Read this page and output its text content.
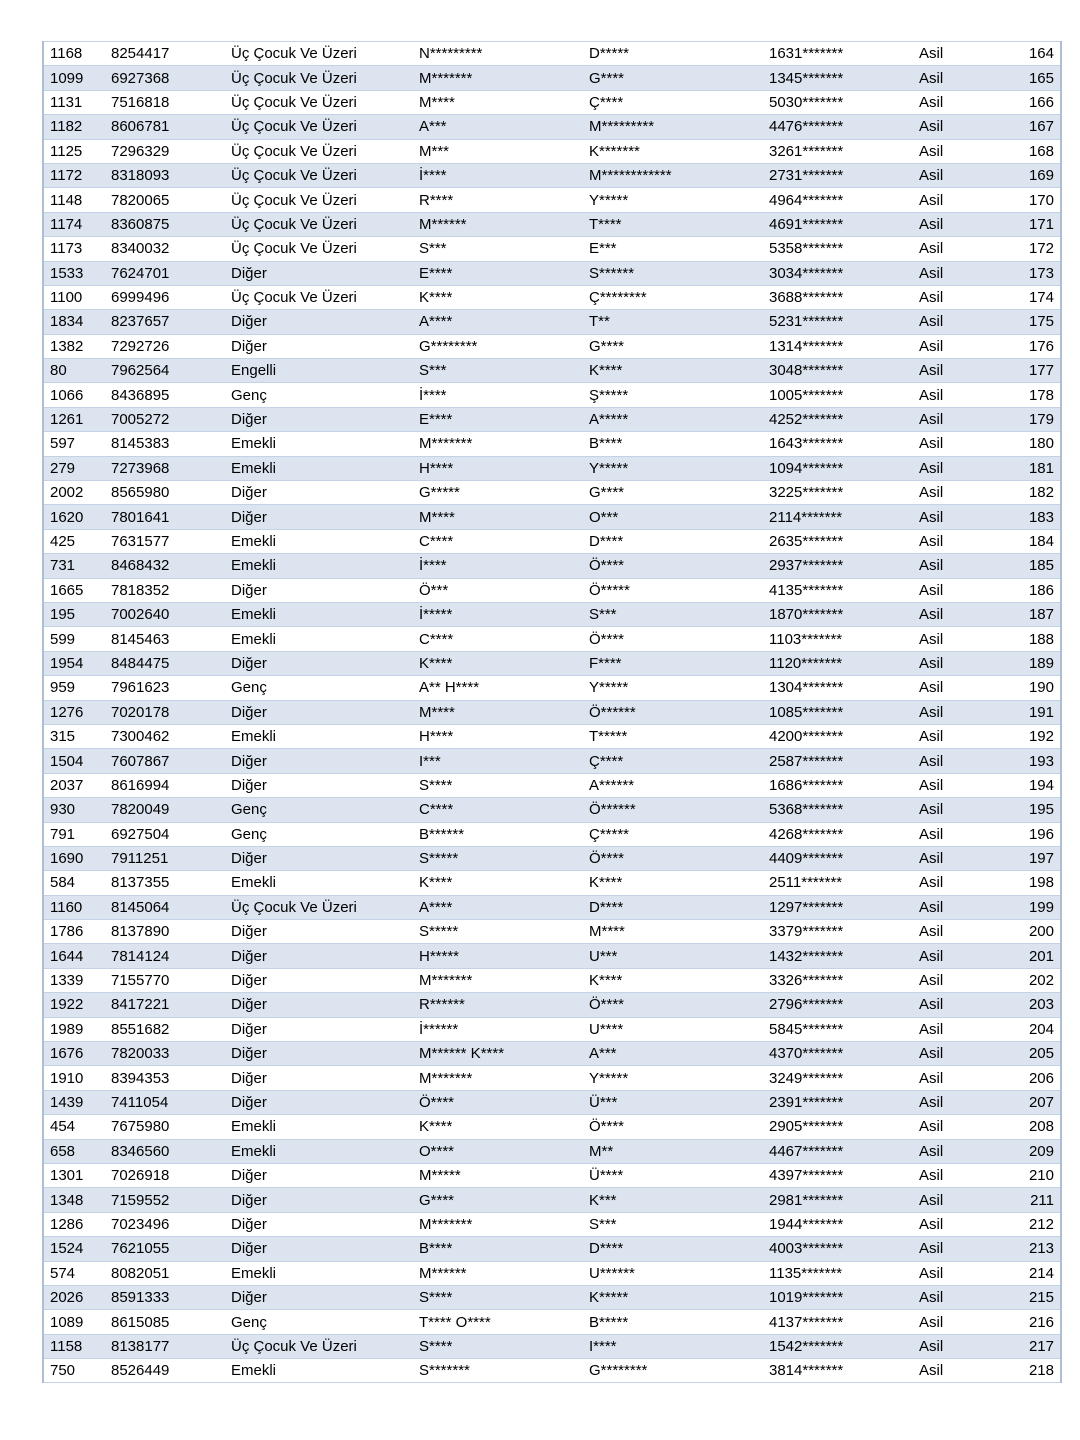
1168	8254417	Üç Çocuk Ve Üzeri	N*********	D*****	1631*******	Asil	164
1099	6927368	Üç Çocuk Ve Üzeri	M*******	G****	1345*******	Asil	165
1131	7516818	Üç Çocuk Ve Üzeri	M****	Ç****	5030*******	Asil	166
1182	8606781	Üç Çocuk Ve Üzeri	A***	M*********	4476*******	Asil	167
1125	7296329	Üç Çocuk Ve Üzeri	M***	K*******	3261*******	Asil	168
1172	8318093	Üç Çocuk Ve Üzeri	İ****	M************	2731*******	Asil	169
1148	7820065	Üç Çocuk Ve Üzeri	R****	Y*****	4964*******	Asil	170
1174	8360875	Üç Çocuk Ve Üzeri	M******	T****	4691*******	Asil	171
1173	8340032	Üç Çocuk Ve Üzeri	S***	E***	5358*******	Asil	172
1533	7624701	Diğer	E****	S******	3034*******	Asil	173
1100	6999496	Üç Çocuk Ve Üzeri	K****	Ç********	3688*******	Asil	174
1834	8237657	Diğer	A****	T**	5231*******	Asil	175
1382	7292726	Diğer	G********	G****	1314*******	Asil	176
80	7962564	Engelli	S***	K****	3048*******	Asil	177
1066	8436895	Genç	İ****	Ş*****	1005*******	Asil	178
1261	7005272	Diğer	E****	A*****	4252*******	Asil	179
597	8145383	Emekli	M*******	B****	1643*******	Asil	180
279	7273968	Emekli	H****	Y*****	1094*******	Asil	181
2002	8565980	Diğer	G*****	G****	3225*******	Asil	182
1620	7801641	Diğer	M****	O***	2114*******	Asil	183
425	7631577	Emekli	C****	D****	2635*******	Asil	184
731	8468432	Emekli	İ****	Ö****	2937*******	Asil	185
1665	7818352	Diğer	Ö***	Ö*****	4135*******	Asil	186
195	7002640	Emekli	İ*****	S***	1870*******	Asil	187
599	8145463	Emekli	C****	Ö****	1103*******	Asil	188
1954	8484475	Diğer	K****	F****	1120*******	Asil	189
959	7961623	Genç	A** H****	Y*****	1304*******	Asil	190
1276	7020178	Diğer	M****	Ö******	1085*******	Asil	191
315	7300462	Emekli	H****	T*****	4200*******	Asil	192
1504	7607867	Diğer	I***	Ç****	2587*******	Asil	193
2037	8616994	Diğer	S****	A******	1686*******	Asil	194
930	7820049	Genç	C****	Ö******	5368*******	Asil	195
791	6927504	Genç	B******	Ç*****	4268*******	Asil	196
1690	7911251	Diğer	S*****	Ö****	4409*******	Asil	197
584	8137355	Emekli	K****	K****	2511*******	Asil	198
1160	8145064	Üç Çocuk Ve Üzeri	A****	D****	1297*******	Asil	199
1786	8137890	Diğer	S*****	M****	3379*******	Asil	200
1644	7814124	Diğer	H*****	U***	1432*******	Asil	201
1339	7155770	Diğer	M*******	K****	3326*******	Asil	202
1922	8417221	Diğer	R******	Ö****	2796*******	Asil	203
1989	8551682	Diğer	İ******	U****	5845*******	Asil	204
1676	7820033	Diğer	M****** K****	A***	4370*******	Asil	205
1910	8394353	Diğer	M*******	Y*****	3249*******	Asil	206
1439	7411054	Diğer	Ö****	Ü***	2391*******	Asil	207
454	7675980	Emekli	K****	Ö****	2905*******	Asil	208
658	8346560	Emekli	O****	M**	4467*******	Asil	209
1301	7026918	Diğer	M*****	Ü****	4397*******	Asil	210
1348	7159552	Diğer	G****	K***	2981*******	Asil	211
1286	7023496	Diğer	M*******	S***	1944*******	Asil	212
1524	7621055	Diğer	B****	D****	4003*******	Asil	213
574	8082051	Emekli	M******	U******	1135*******	Asil	214
2026	8591333	Diğer	S****	K*****	1019*******	Asil	215
1089	8615085	Genç	T**** O****	B*****	4137*******	Asil	216
1158	8138177	Üç Çocuk Ve Üzeri	S****	I****	1542*******	Asil	217
750	8526449	Emekli	S*******	G********	3814*******	Asil	218
